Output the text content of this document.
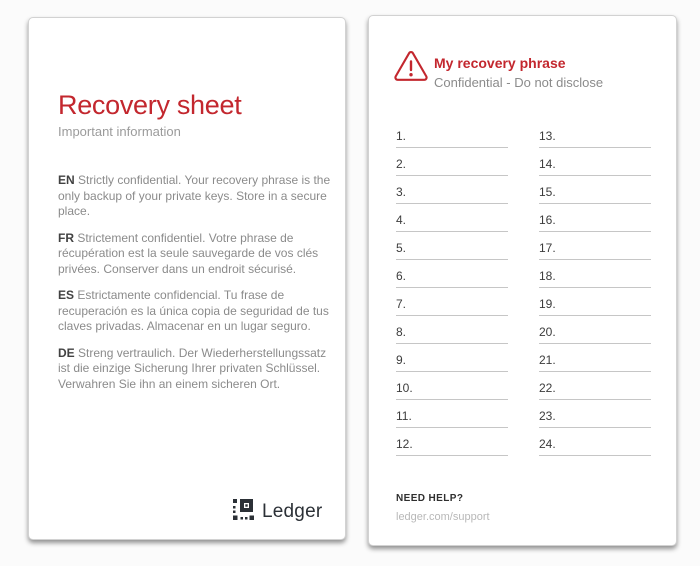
Recovery sheet
Important information

EN Strictly confidential. Your recovery phrase is the only backup of your private keys. Store in a secure place.

FR Strictement confidentiel. Votre phrase de récupération est la seule sauvegarde de vos clés privées. Conserver dans un endroit sécurisé.

ES Estrictamente confidencial. Tu frase de recuperación es la única copia de seguridad de tus claves privadas. Almacenar en un lugar seguro.

DE Streng vertraulich. Der Wiederherstellungssatz ist die einzige Sicherung Ihrer privaten Schlüssel. Verwahren Sie ihn an einem sicheren Ort.

Ledger
My recovery phrase
Confidential - Do not disclose
1.
2.
3.
4.
5.
6.
7.
8.
9.
10.
11.
12.
13.
14.
15.
16.
17.
18.
19.
20.
21.
22.
23.
24.
NEED HELP?
ledger.com/support
